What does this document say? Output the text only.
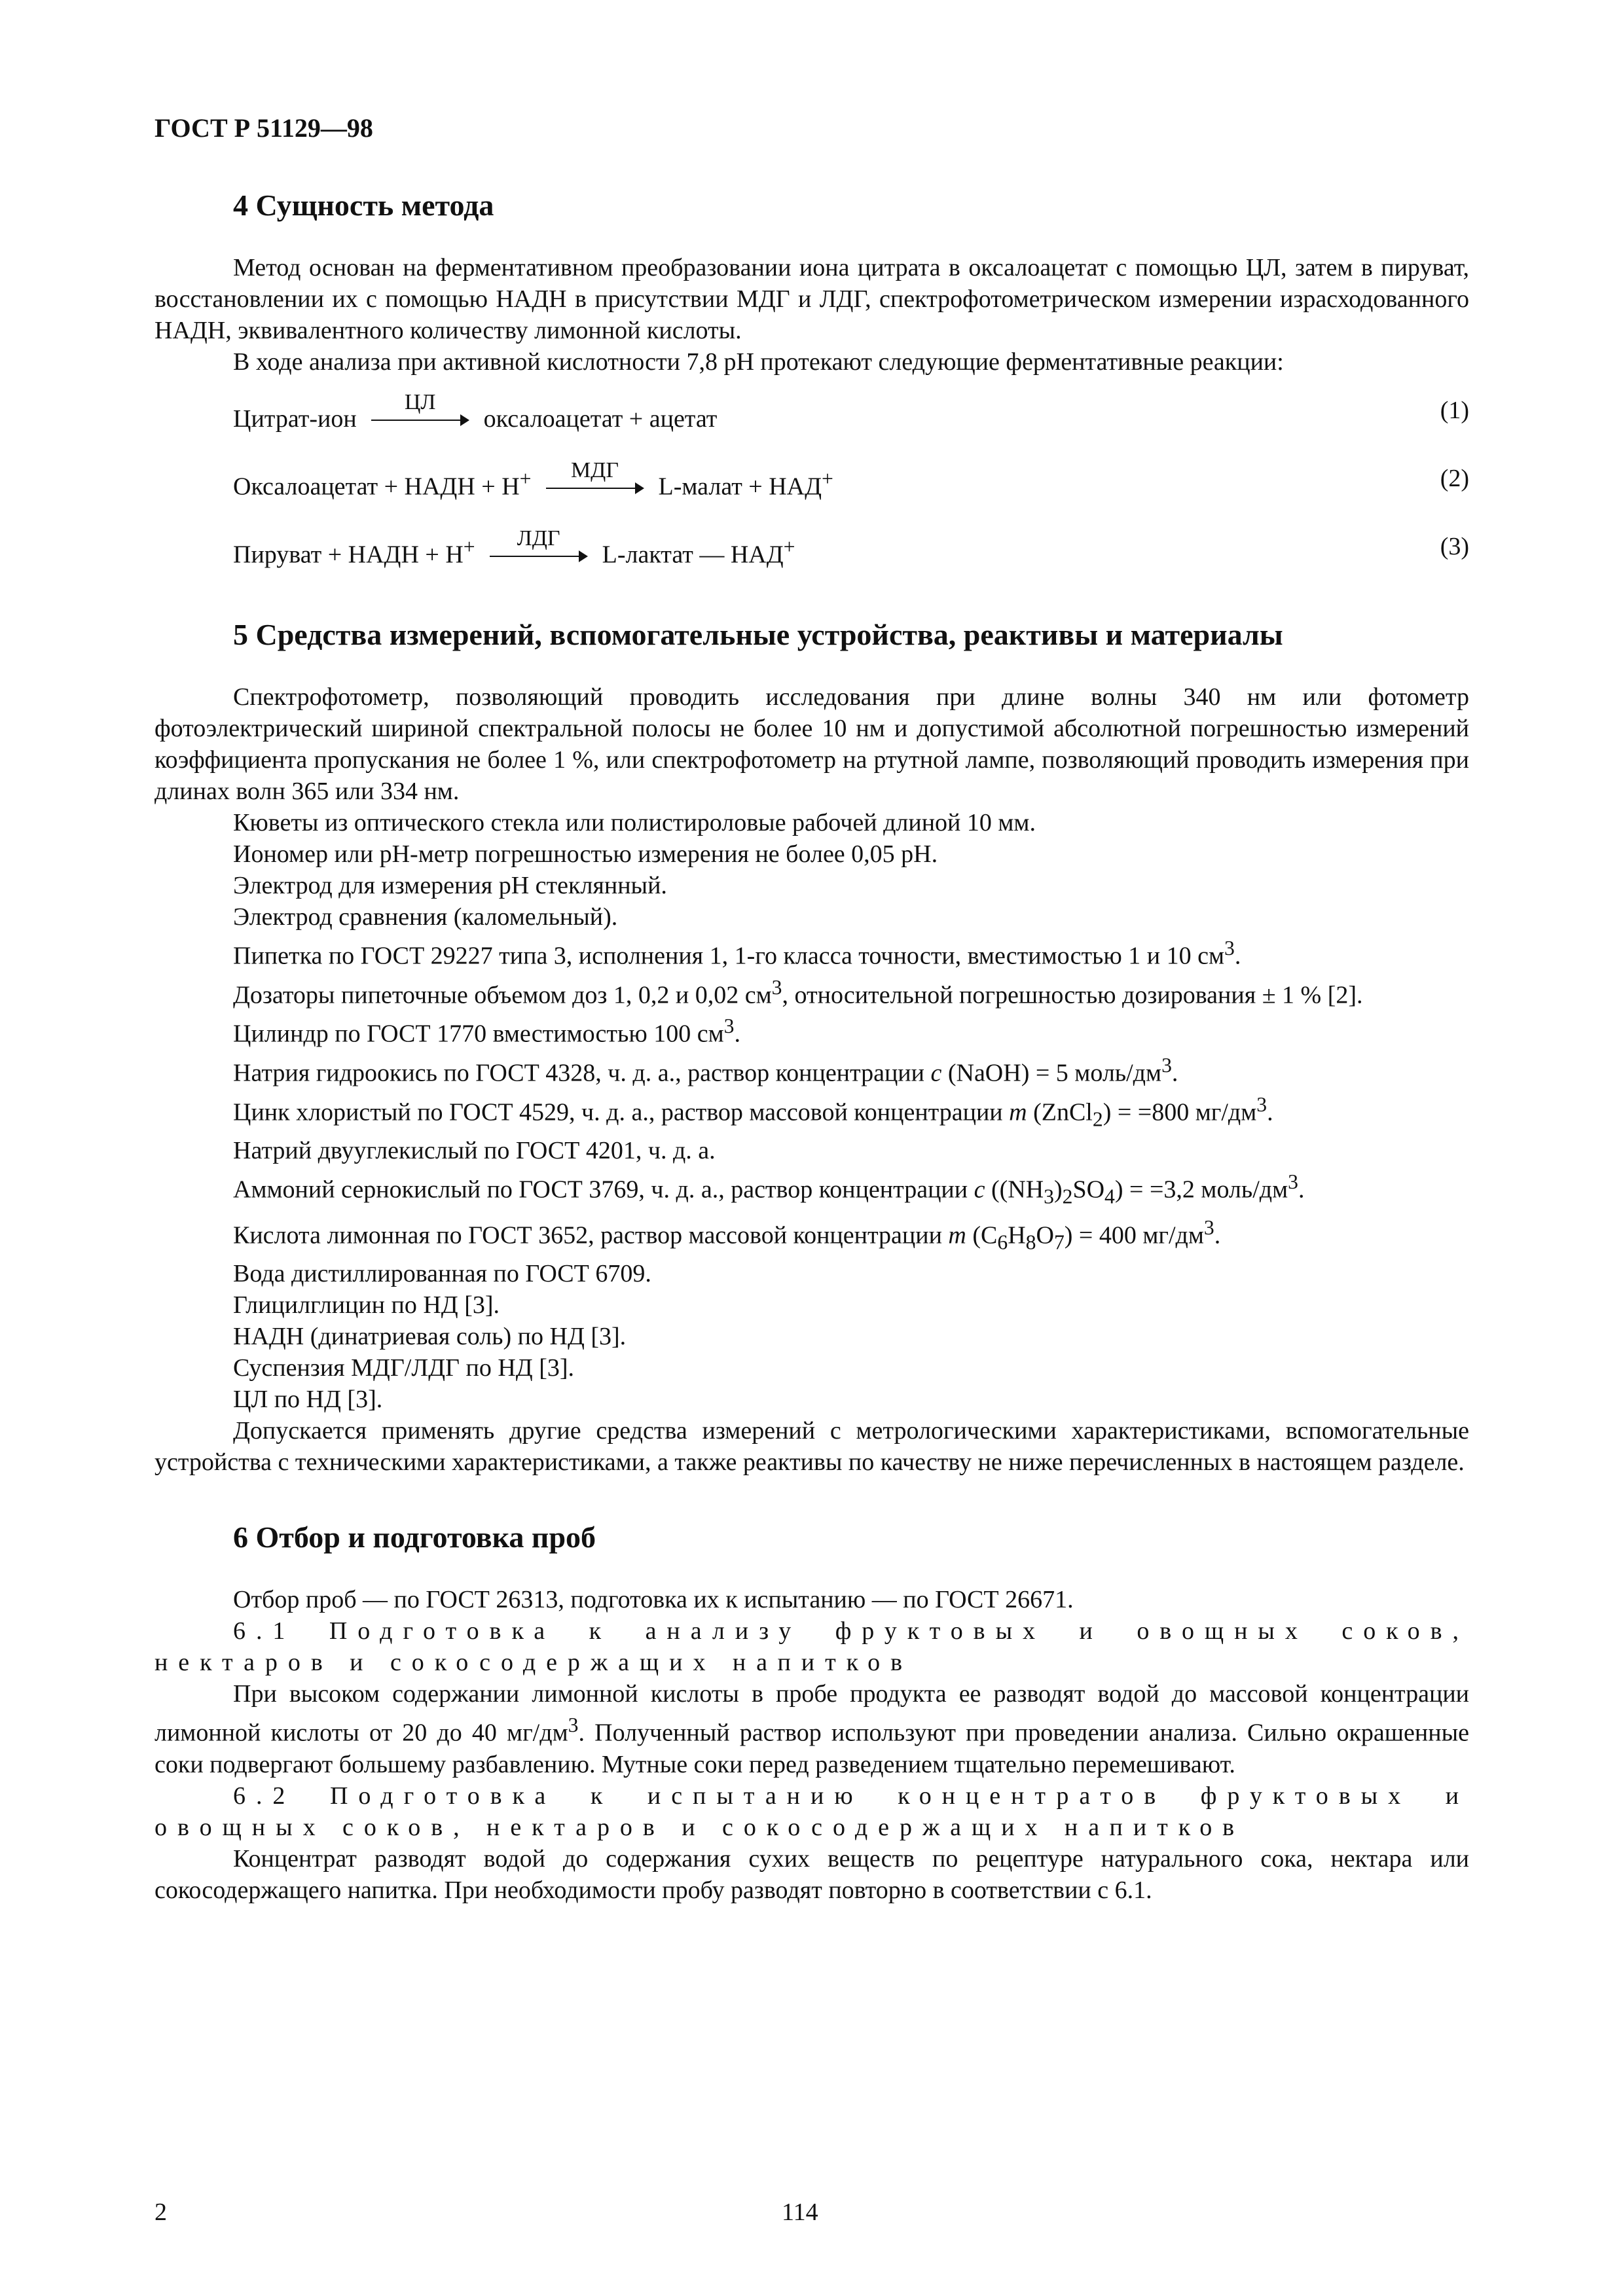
ГОСТ Р 51129—98
4 Сущность метода

Метод основан на ферментативном преобразовании иона цитрата в оксалоацетат с помощью ЦЛ, затем в пируват, восстановлении их с помощью НАДН в присутствии МДГ и ЛДГ, спектрофотометрическом измерении израсходованного НАДН, эквивалентного количеству лимонной кислоты.

В ходе анализа при активной кислотности 7,8 рН протекают следующие ферментативные реакции:

Цитрат-ион
ЦЛ
оксалоацетат + ацетат	(1)
Оксалоацетат + НАДН + Н+	МДГ
L-малат + НАД+	(2)
Пируват + НАДН + Н+	ЛДГ
L-лактат — НАД+	(3)
5 Средства измерений, вспомогательные устройства, реактивы и материалы

Спектрофотометр, позволяющий проводить исследования при длине волны 340 нм или фотометр фотоэлектрический шириной спектральной полосы не более 10 нм и допустимой абсолютной погрешностью измерений коэффициента пропускания не более 1 %, или спектрофотометр на ртутной лампе, позволяющий проводить измерения при длинах волн 365 или 334 нм.

Кюветы из оптического стекла или полистироловые рабочей длиной 10 мм.

Иономер или рН-метр погрешностью измерения не более 0,05 рН.

Электрод для измерения рН стеклянный.

Электрод сравнения (каломельный).

Пипетка по ГОСТ 29227 типа 3, исполнения 1, 1-го класса точности, вместимостью 1 и 10 $см^3$.

Дозаторы пипеточные объемом доз 1, 0,2 и 0,02 $см^3$, относительной погрешностью дозирования ± 1 % [2].

Цилиндр по ГОСТ 1770 вместимостью 100 $см^3$.

Натрия гидроокись по ГОСТ 4328, ч. д. а., раствор концентрации c (NaOH) = 5 моль/$дм^3$.

Цинк хлористый по ГОСТ 4529, ч. д. а., раствор массовой концентрации m (ZnCl$_2$) = =800 $мг/дм^3$.

Натрий двууглекислый по ГОСТ 4201, ч. д. а.

Аммоний сернокислый по ГОСТ 3769, ч. д. а., раствор концентрации c $((NH_3)_2SO_4) = =3,2$ моль/$дм^3$.

Кислота лимонная по ГОСТ 3652, раствор массовой концентрации m $(C_6H_8O_7) = 400$ $мг/дм^3$.

Вода дистиллированная по ГОСТ 6709.

Глицилглицин по НД [3].

НАДН (динатриевая соль) по НД [3].

Суспензия МДГ/ЛДГ по НД [3].

ЦЛ по НД [3].

Допускается применять другие средства измерений с метрологическими характеристиками, вспомогательные устройства с техническими характеристиками, а также реактивы по качеству не ниже перечисленных в настоящем разделе.

6 Отбор и подготовка проб

Отбор проб — по ГОСТ 26313, подготовка их к испытанию — по ГОСТ 26671.

6.1 Подготовка к анализу фруктовых и овощных соков, нектаров и сокосодержащих напитков

При высоком содержании лимонной кислоты в пробе продукта ее разводят водой до массовой концентрации лимонной кислоты от 20 до 40 $мг/дм^3$. Полученный раствор используют при проведении анализа. Сильно окрашенные соки подвергают большему разбавлению. Мутные соки перед разведением тщательно перемешивают.

6.2 Подготовка к испытанию концентратов фруктовых и овощных соков, нектаров и сокосодержащих напитков

Концентрат разводят водой до содержания сухих веществ по рецептуре натурального сока, нектара или сокосодержащего напитка. При необходимости пробу разводят повторно в соответствии с 6.1.

2	114
